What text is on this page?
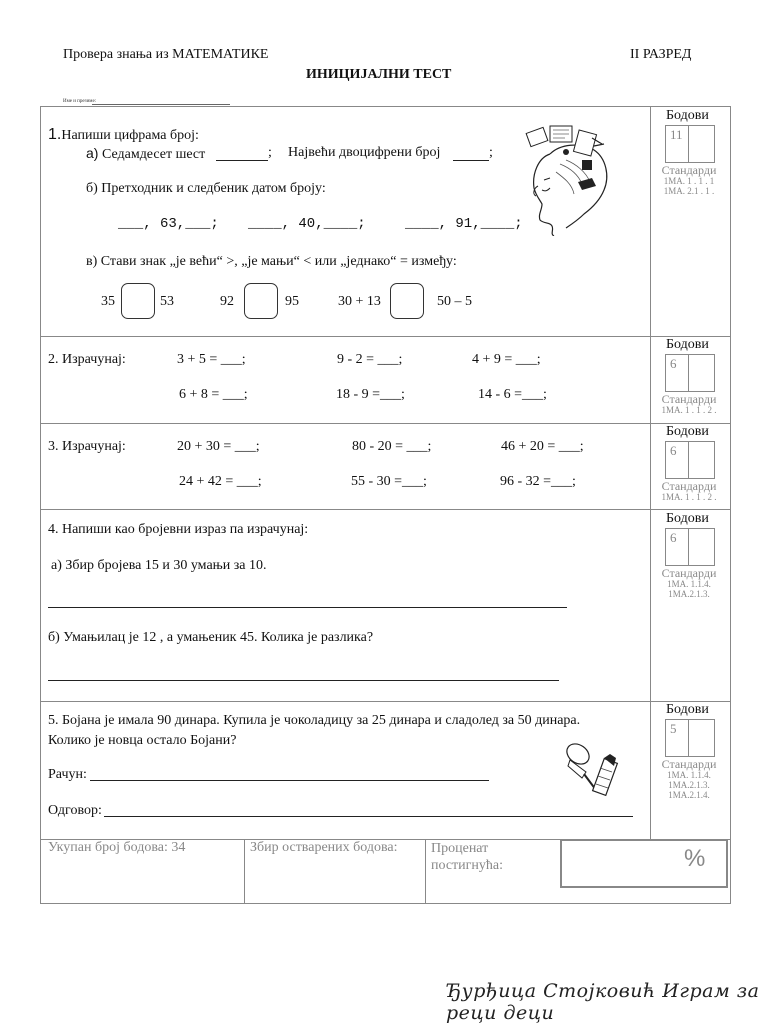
Провера знања из МАТЕМАТИКЕ	II РАЗРЕД
ИНИЦИЈАЛНИ ТЕСТ
Име и презиме:
Бодови
11
Стандарди
1МА. 1 . 1 . 1
1МА. 2.1 . 1 .
Бодови
6
Стандарди
1МА. 1 . 1 . 2 .
Бодови
6
Стандарди
1МА. 1 . 1 . 2 .
Бодови
6
Стандарди
1МА. 1.1.4.
1МА.2.1.3.
Бодови
5
Стандарди
1МА. 1.1.4.
1МА.2.1.3.
1МА.2.1.4.
1.Напиши цифрама број:
а) Седамдесет шест	; Највећи двоцифрени број	;
б) Претходник и следбеник датом броју:
___, 63,___; ____, 40,____;	____, 91,____;
в) Стави знак „је већи“ >, „је мањи“ < или „једнако“ = између:
35	53	92	95	30 + 13	50 – 5
2. Израчунај:	3 + 5 = ___;	9 - 2 = ___;	4 + 9 = ___;
6 + 8 = ___;	18 - 9 =___;	14 - 6 =___;
3. Израчунај:	20 + 30 = ___;	80 - 20 = ___;	46 + 20 = ___;
24 + 42 = ___;	55 - 30 =___;	96 - 32 =___;
4. Напиши као бројевни израз па израчунај:
а) Збир бројева 15 и 30 умањи за 10.
б) Умањилац је 12 , а умањеник 45. Колика је разлика?
5. Бојана је имала 90 динара. Купила је чоколадицу за 25 динара и сладолед за 50 динара.
Колико је новца остало Бојани?
Рачун:
Одговор:
Укупан број бодова: 34	Збир остварених бодова: Проценат постигнућа:	%
Ђурђица Стојковић Играм за реци деци
